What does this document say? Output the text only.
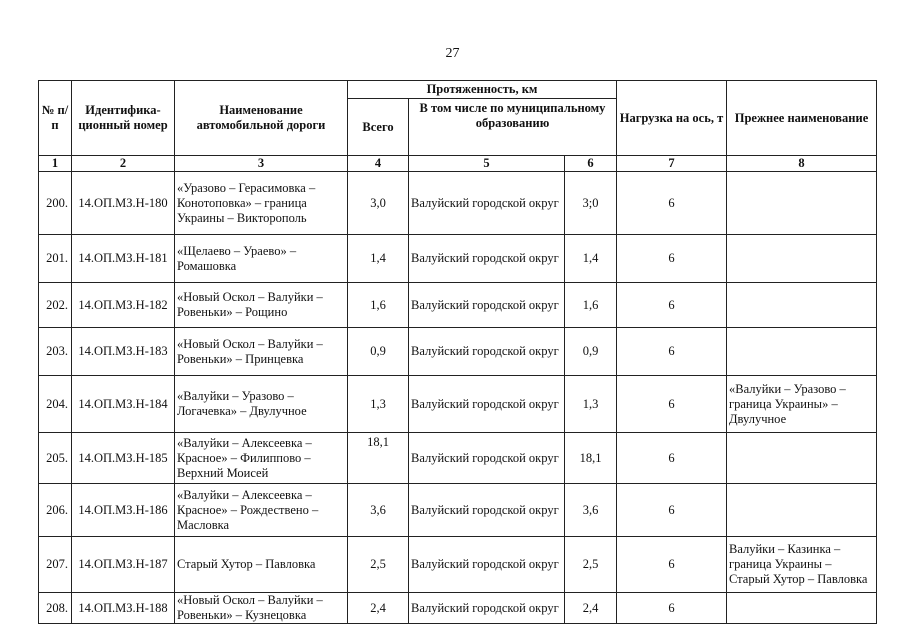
27
№ п/п	Идентифика-ционный номер	Наименование автомобильной дороги	Протяженность, км			Нагрузка на ось, т	Прежнее наименование
			Всего	В том числе по муниципальному образованию			
1	2	3	4	5	6	7	8
200.	14.ОП.МЗ.Н-180	«Уразово – Герасимовка – Конотоповка» – граница Украины – Викторополь	3,0	Валуйский городской округ	3;0	6	
201.	14.ОП.МЗ.Н-181	«Щелаево – Ураево» – Ромашовка	1,4	Валуйский городской округ	1,4	6	
202.	14.ОП.МЗ.Н-182	«Новый Оскол – Валуйки – Ровеньки» – Рощино	1,6	Валуйский городской округ	1,6	6	
203.	14.ОП.МЗ.Н-183	«Новый Оскол – Валуйки – Ровеньки» – Принцевка	0,9	Валуйский городской округ	0,9	6	
204.	14.ОП.МЗ.Н-184	«Валуйки – Уразово – Логачевка» – Двулучное	1,3	Валуйский городской округ	1,3	6	«Валуйки – Уразово – граница Украины» – Двулучное
205.	14.ОП.МЗ.Н-185	«Валуйки – Алексеевка – Красное» – Филиппово – Верхний Моисей	18,1	Валуйский городской округ	18,1	6	
206.	14.ОП.МЗ.Н-186	«Валуйки – Алексеевка – Красное» – Рождествено – Масловка	3,6	Валуйский городской округ	3,6	6	
207.	14.ОП.МЗ.Н-187	Старый Хутор – Павловка	2,5	Валуйский городской округ	2,5	6	Валуйки – Казинка – граница Украины – Старый Хутор – Павловка
208.	14.ОП.МЗ.Н-188	«Новый Оскол – Валуйки – Ровеньки» – Кузнецовка	2,4	Валуйский городской округ	2,4	6	
